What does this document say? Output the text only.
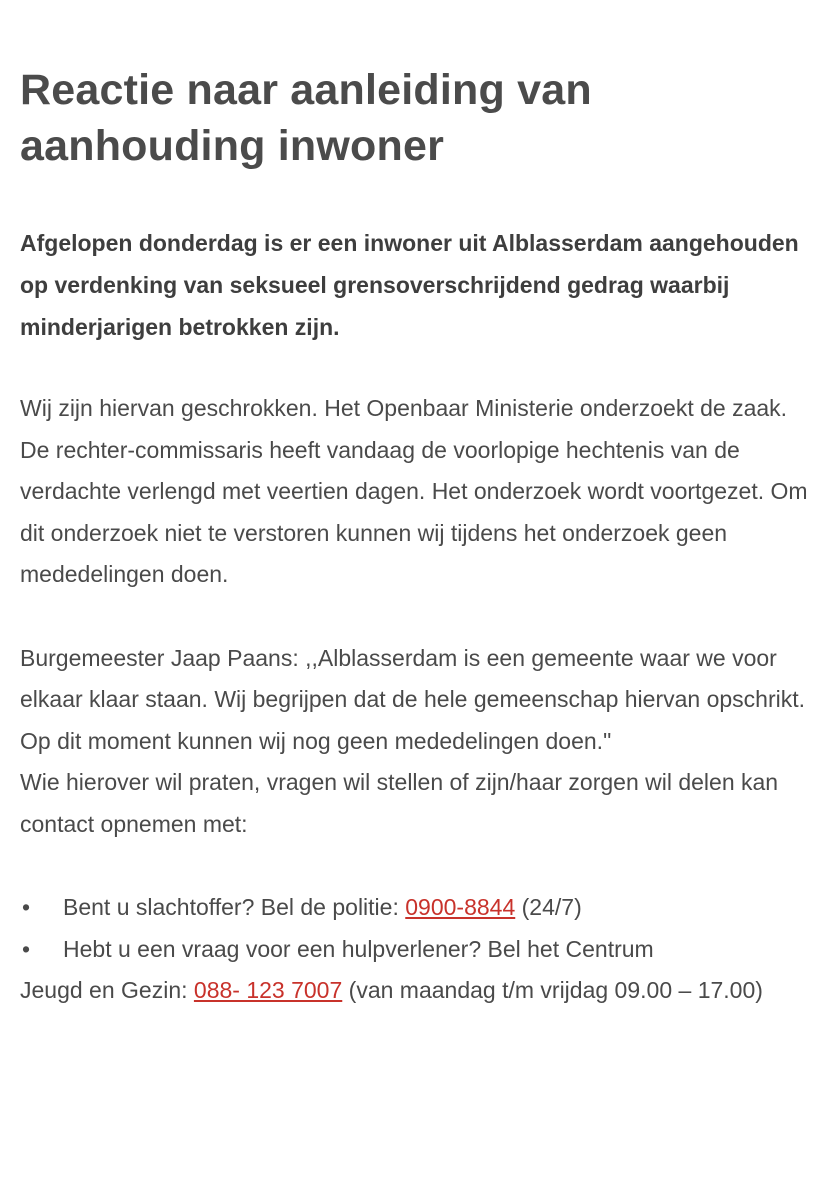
Reactie naar aanleiding van aanhouding inwoner

Afgelopen donderdag is er een inwoner uit Alblasserdam aangehouden op verdenking van seksueel grensoverschrijdend gedrag waarbij minderjarigen betrokken zijn.

Wij zijn hiervan geschrokken. Het Openbaar Ministerie onderzoekt de zaak. De rechter-commissaris heeft vandaag de voorlopige hechtenis van de verdachte verlengd met veertien dagen. Het onderzoek wordt voortgezet. Om dit onderzoek niet te verstoren kunnen wij tijdens het onderzoek geen mededelingen doen.

Burgemeester Jaap Paans: ,,Alblasserdam is een gemeente waar we voor elkaar klaar staan. Wij begrijpen dat de hele gemeenschap hiervan opschrikt. Op dit moment kunnen wij nog geen mededelingen doen."

Wie hierover wil praten, vragen wil stellen of zijn/haar zorgen wil delen kan contact opnemen met:

• Bent u slachtoffer? Bel de politie: 0900-8844 (24/7)
• Hebt u een vraag voor een hulpverlener? Bel het Centrum
Jeugd en Gezin: 088- 123 7007 (van maandag t/m vrijdag 09.00 – 17.00)
